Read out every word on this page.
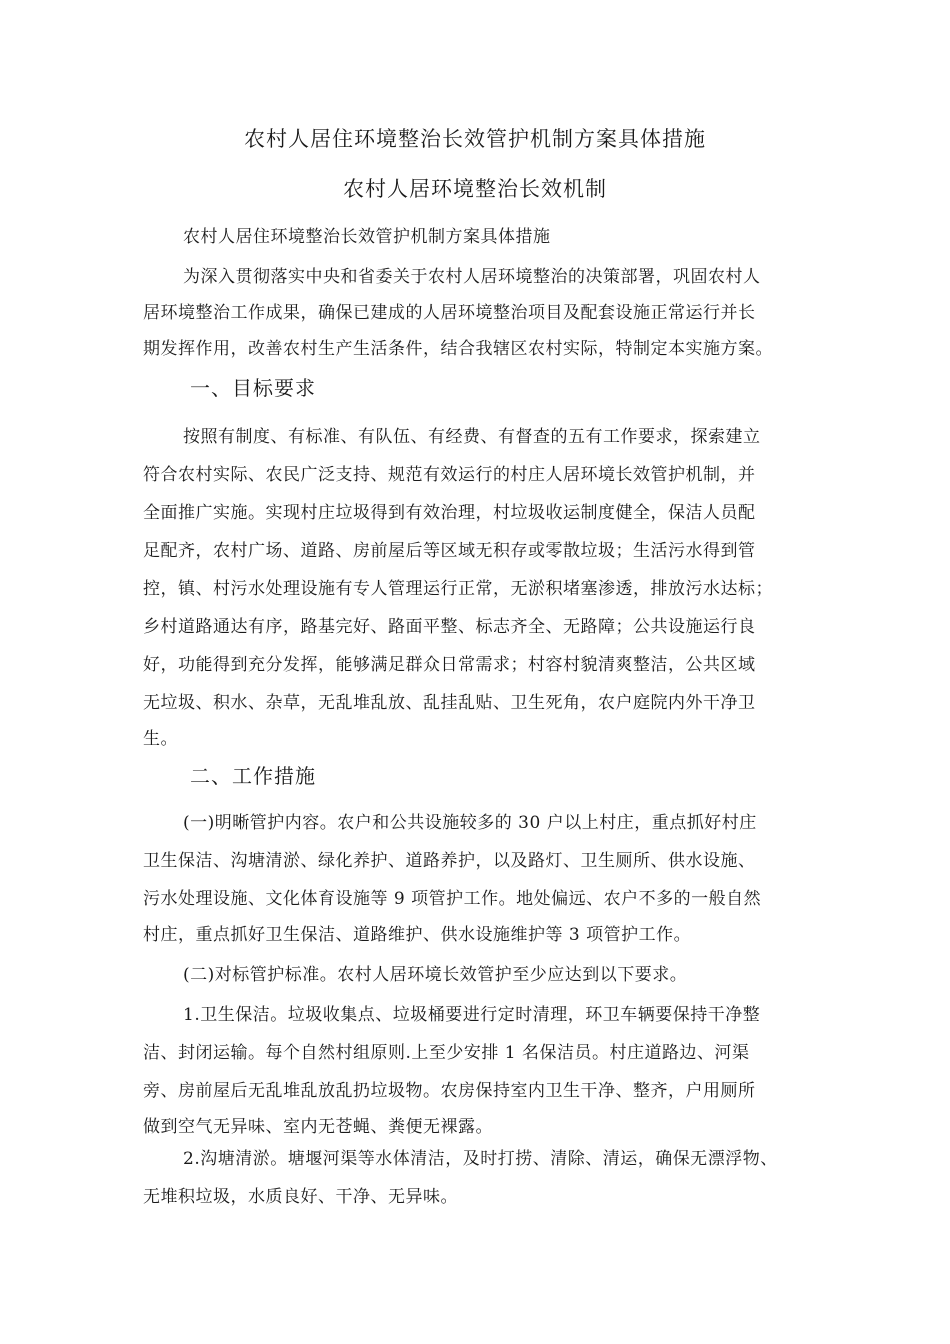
农村人居住环境整治长效管护机制方案具体措施
农村人居环境整治长效机制
农村人居住环境整治长效管护机制方案具体措施
为深入贯彻落实中央和省委关于农村人居环境整治的决策部署，巩固农村人
居环境整治工作成果，确保已建成的人居环境整治项目及配套设施正常运行并长
期发挥作用，改善农村生产生活条件，结合我辖区农村实际，特制定本实施方案。
一、目标要求
按照有制度、有标准、有队伍、有经费、有督查的五有工作要求，探索建立
符合农村实际、农民广泛支持、规范有效运行的村庄人居环境长效管护机制，并
全面推广实施。实现村庄垃圾得到有效治理，村垃圾收运制度健全，保洁人员配
足配齐，农村广场、道路、房前屋后等区域无积存或零散垃圾；生活污水得到管
控，镇、村污水处理设施有专人管理运行正常，无淤积堵塞渗透，排放污水达标；
乡村道路通达有序，路基完好、路面平整、标志齐全、无路障；公共设施运行良
好，功能得到充分发挥，能够满足群众日常需求；村容村貌清爽整洁，公共区域
无垃圾、积水、杂草，无乱堆乱放、乱挂乱贴、卫生死角，农户庭院内外干净卫
生。
二、工作措施
(一)明晰管护内容。农户和公共设施较多的 30 户以上村庄，重点抓好村庄
卫生保洁、沟塘清淤、绿化养护、道路养护，以及路灯、卫生厕所、供水设施、
污水处理设施、文化体育设施等 9 项管护工作。地处偏远、农户不多的一般自然
村庄，重点抓好卫生保洁、道路维护、供水设施维护等 3 项管护工作。
(二)对标管护标准。农村人居环境长效管护至少应达到以下要求。
1.卫生保洁。垃圾收集点、垃圾桶要进行定时清理，环卫车辆要保持干净整
洁、封闭运输。每个自然村组原则.上至少安排 1 名保洁员。村庄道路边、河渠
旁、房前屋后无乱堆乱放乱扔垃圾物。农房保持室内卫生干净、整齐，户用厕所
做到空气无异味、室内无苍蝇、粪便无裸露。
2.沟塘清淤。塘堰河渠等水体清洁，及时打捞、清除、清运，确保无漂浮物、
无堆积垃圾，水质良好、干净、无异味。
